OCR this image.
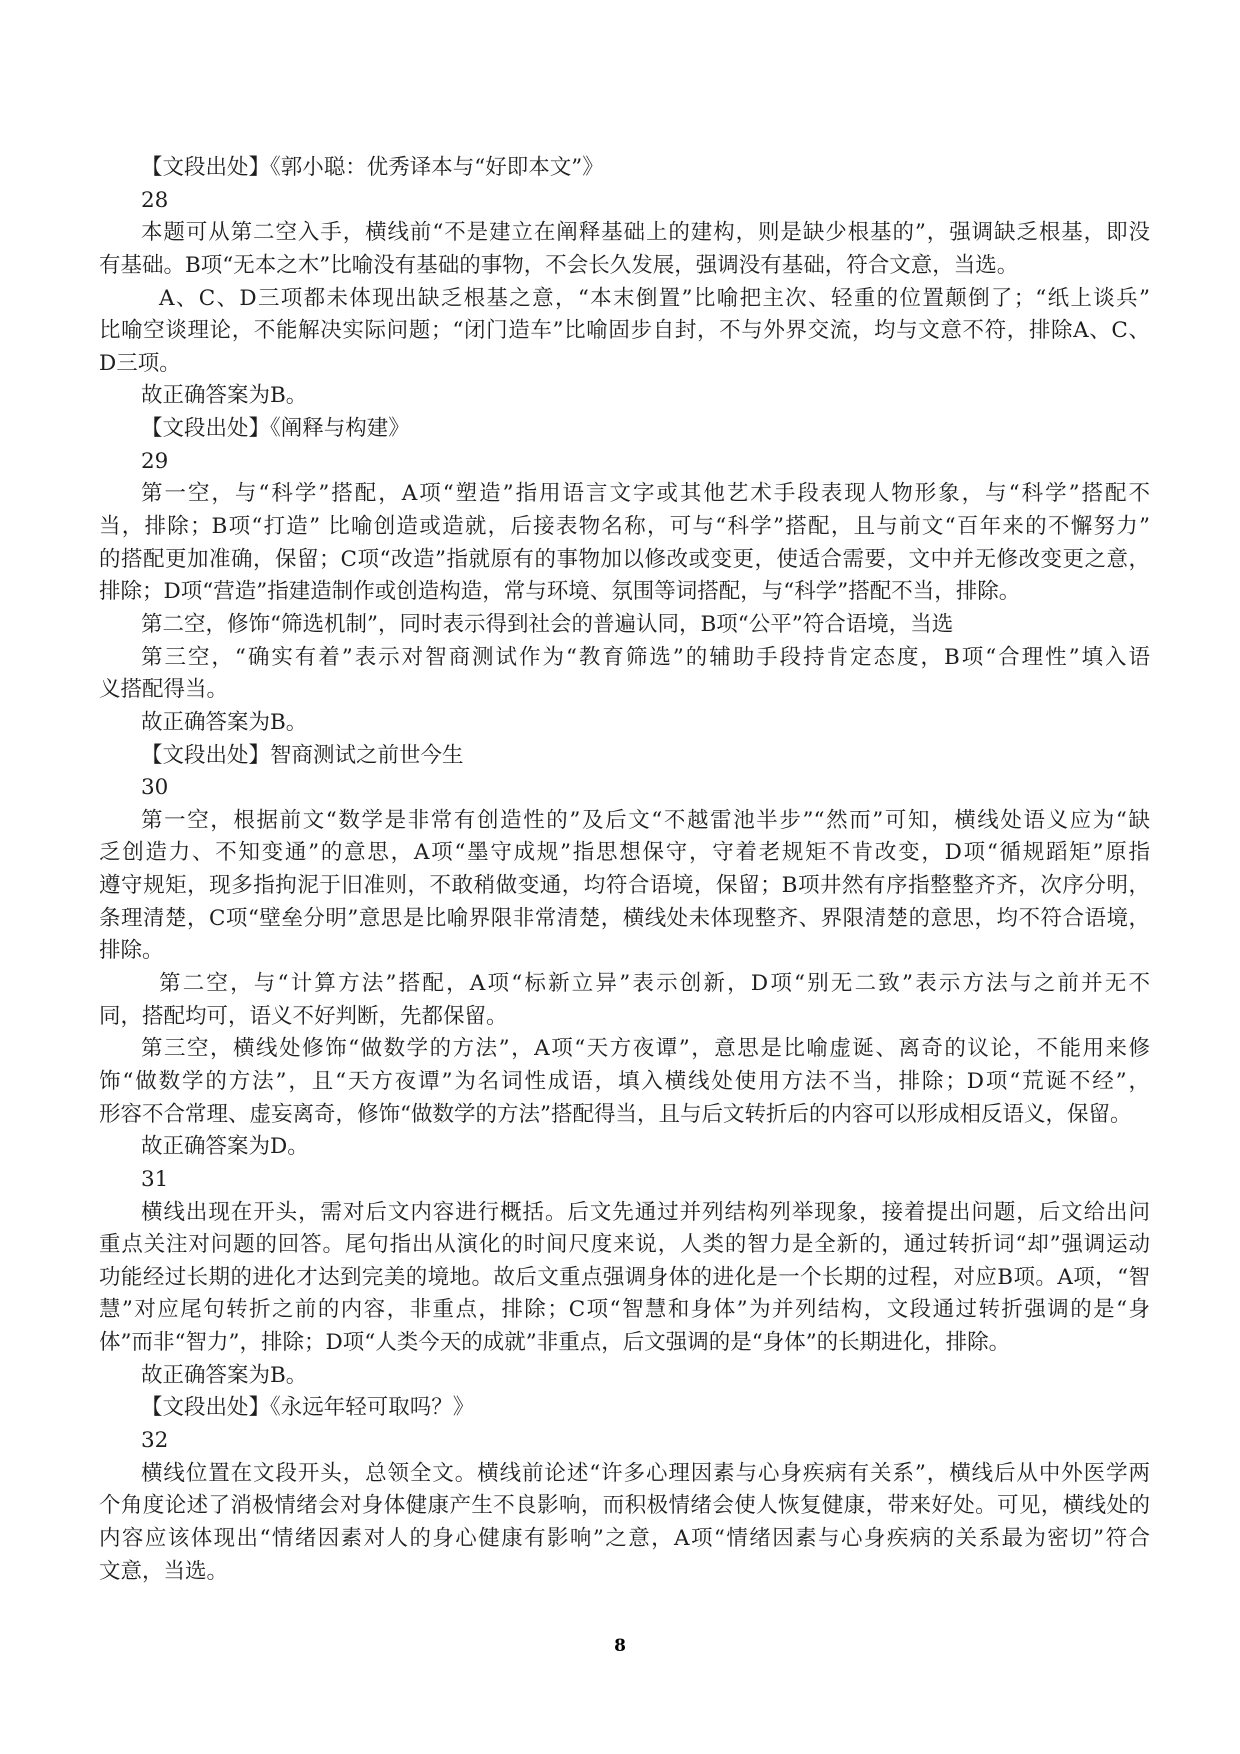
【文段出处】《郭小聪：优秀译本与“好即本文”》
28
本题可从第二空入手，横线前“不是建立在阐释基础上的建构，则是缺少根基的”，强调缺乏根基，即没
有基础。B项“无本之木”比喻没有基础的事物，不会长久发展，强调没有基础，符合文意，当选。
A、C、D三项都未体现出缺乏根基之意，“本末倒置”比喻把主次、轻重的位置颠倒了；“纸上谈兵”
比喻空谈理论，不能解决实际问题；“闭门造车”比喻固步自封，不与外界交流，均与文意不符，排除A、C、
D三项。
故正确答案为B。
【文段出处】《阐释与构建》
29
第一空，与“科学”搭配，A项“塑造”指用语言文字或其他艺术手段表现人物形象，与“科学”搭配不
当，排除；B项“打造” 比喻创造或造就，后接表物名称，可与“科学”搭配，且与前文“百年来的不懈努力”
的搭配更加准确，保留；C项“改造”指就原有的事物加以修改或变更，使适合需要，文中并无修改变更之意，
排除；D项“营造”指建造制作或创造构造，常与环境、氛围等词搭配，与“科学”搭配不当，排除。
第二空，修饰“筛选机制”，同时表示得到社会的普遍认同，B项“公平”符合语境，当选
第三空，“确实有着”表示对智商测试作为“教育筛选”的辅助手段持肯定态度，B项“合理性”填入语
义搭配得当。
故正确答案为B。
【文段出处】智商测试之前世今生
30
第一空，根据前文“数学是非常有创造性的”及后文“不越雷池半步”“然而”可知，横线处语义应为“缺
乏创造力、不知变通”的意思，A项“墨守成规”指思想保守，守着老规矩不肯改变，D项“循规蹈矩”原指
遵守规矩，现多指拘泥于旧准则，不敢稍做变通，均符合语境，保留；B项井然有序指整整齐齐，次序分明，
条理清楚，C项“壁垒分明”意思是比喻界限非常清楚，横线处未体现整齐、界限清楚的意思，均不符合语境，
排除。
第二空，与“计算方法”搭配，A项“标新立异”表示创新，D项“别无二致”表示方法与之前并无不
同，搭配均可，语义不好判断，先都保留。
第三空，横线处修饰“做数学的方法”，A项“天方夜谭”，意思是比喻虚诞、离奇的议论，不能用来修
饰“做数学的方法”，且“天方夜谭”为名词性成语，填入横线处使用方法不当，排除；D项“荒诞不经”，
形容不合常理、虚妄离奇，修饰“做数学的方法”搭配得当，且与后文转折后的内容可以形成相反语义，保留。
故正确答案为D。
31
横线出现在开头，需对后文内容进行概括。后文先通过并列结构列举现象，接着提出问题，后文给出问
重点关注对问题的回答。尾句指出从演化的时间尺度来说，人类的智力是全新的，通过转折词“却”强调运动
功能经过长期的进化才达到完美的境地。故后文重点强调身体的进化是一个长期的过程，对应B项。A项，“智
慧”对应尾句转折之前的内容，非重点，排除；C项“智慧和身体”为并列结构，文段通过转折强调的是“身
体”而非“智力”，排除；D项“人类今天的成就”非重点，后文强调的是“身体”的长期进化，排除。
故正确答案为B。
【文段出处】《永远年轻可取吗？》
32
横线位置在文段开头，总领全文。横线前论述“许多心理因素与心身疾病有关系”，横线后从中外医学两
个角度论述了消极情绪会对身体健康产生不良影响，而积极情绪会使人恢复健康，带来好处。可见，横线处的
内容应该体现出“情绪因素对人的身心健康有影响”之意，A项“情绪因素与心身疾病的关系最为密切”符合
文意，当选。
8
